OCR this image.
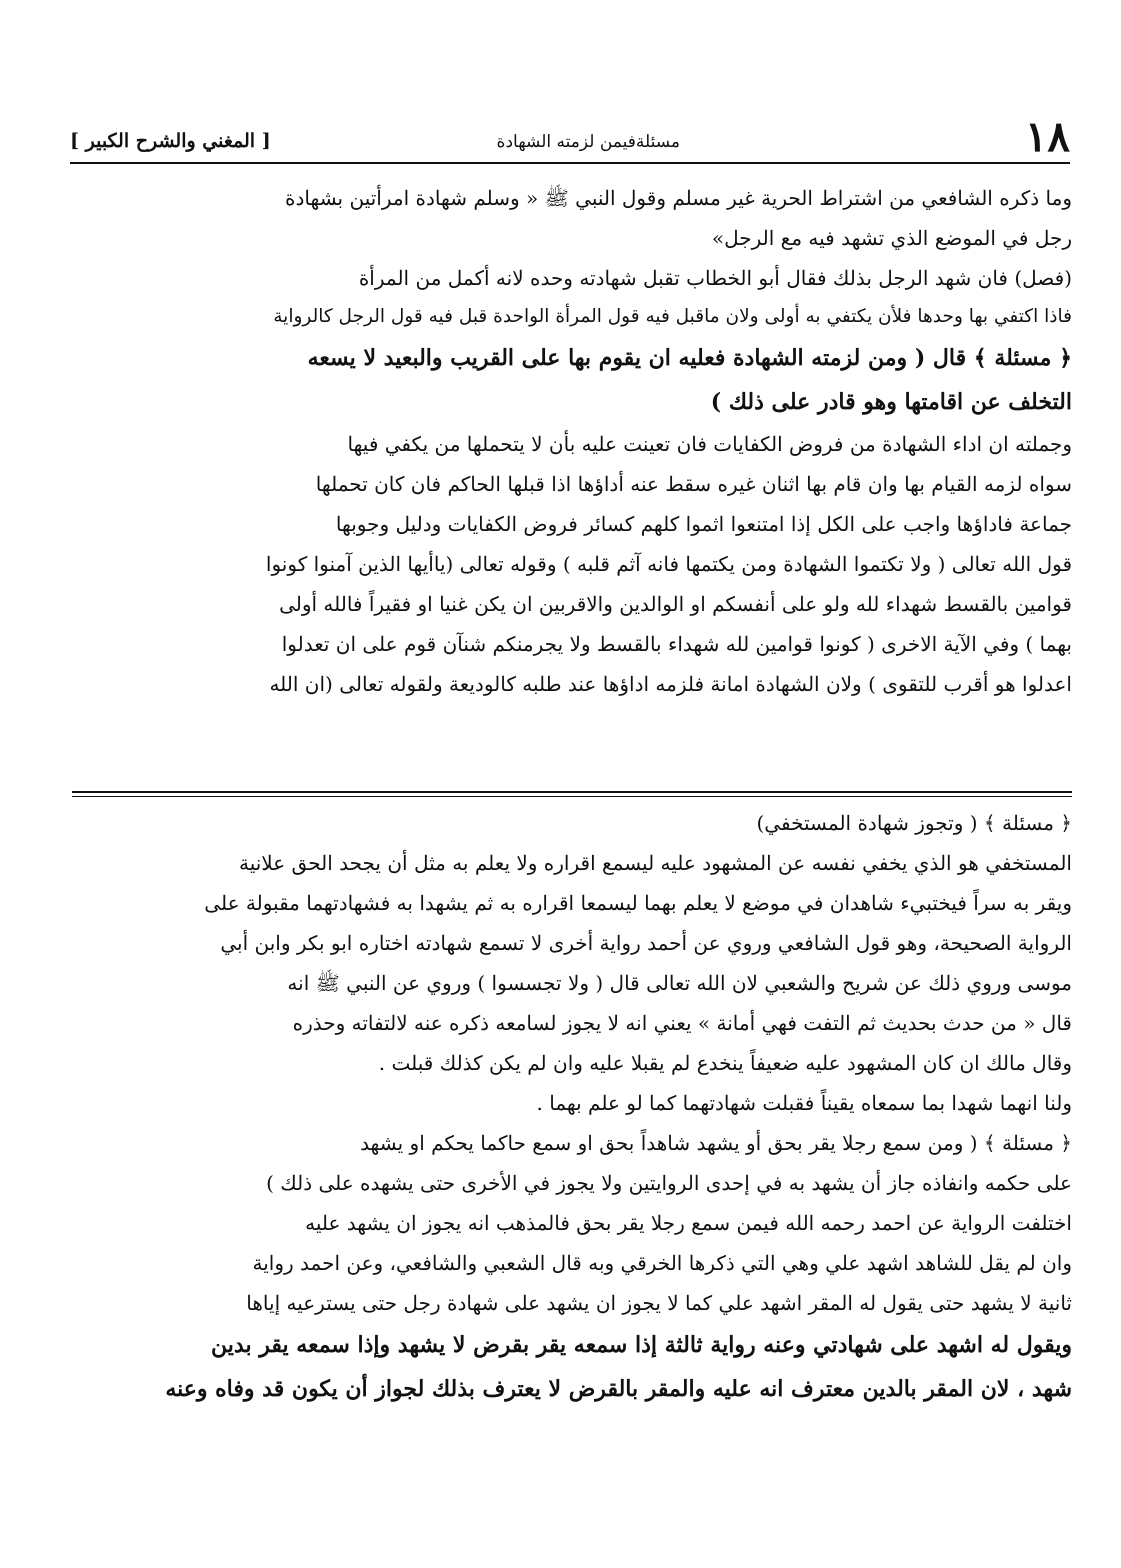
١٨
مسئلةفيمن لزمته الشهادة
[ المغني والشرح الكبير ]
وما ذكره الشافعي من اشتراط الحرية غير مسلم وقول النبي ﷺ « وسلم شهادة امرأتين بشهادة
رجل في الموضع الذي تشهد فيه مع الرجل»
(فصل) فان شهد الرجل بذلك فقال أبو الخطاب تقبل شهادته وحده لانه أكمل من المرأة
فاذا اكتفي بها وحدها فلأن يكتفي به أولى ولان ماقبل فيه قول المرأة الواحدة قبل فيه قول الرجل كالرواية
﴿ مسئلة ﴾ قال ( ومن لزمته الشهادة فعليه ان يقوم بها على القريب والبعيد لا يسعه
التخلف عن اقامتها وهو قادر على ذلك )
وجملته ان اداء الشهادة من فروض الكفايات فان تعينت عليه بأن لا يتحملها من يكفي فيها
سواه لزمه القيام بها وان قام بها اثنان غيره سقط عنه أداؤها اذا قبلها الحاكم فان كان تحملها
جماعة فاداؤها واجب على الكل إذا امتنعوا اثموا كلهم كسائر فروض الكفايات ودليل وجوبها
قول الله تعالى ( ولا تكتموا الشهادة ومن يكتمها فانه آثم قلبه ) وقوله تعالى (ياأيها الذين آمنوا كونوا
قوامين بالقسط شهداء لله ولو على أنفسكم او الوالدين والاقربين ان يكن غنيا او فقيراً فالله أولى
بهما ) وفي الآية الاخرى ( كونوا قوامين لله شهداء بالقسط ولا يجرمنكم شنآن قوم على ان تعدلوا
اعدلوا هو أقرب للتقوى ) ولان الشهادة امانة فلزمه اداؤها عند طلبه كالوديعة ولقوله تعالى (ان الله
﴿ مسئلة ﴾ ( وتجوز شهادة المستخفي)
المستخفي هو الذي يخفي نفسه عن المشهود عليه ليسمع اقراره ولا يعلم به مثل أن يجحد الحق علانية
ويقر به سراً فيختبيء شاهدان في موضع لا يعلم بهما ليسمعا اقراره به ثم يشهدا به فشهادتهما مقبولة على
الرواية الصحيحة، وهو قول الشافعي وروي عن أحمد رواية أخرى لا تسمع شهادته اختاره ابو بكر وابن أبي
موسى وروي ذلك عن شريح والشعبي لان الله تعالى قال ( ولا تجسسوا ) وروي عن النبي ﷺ انه
قال « من حدث بحديث ثم التفت فهي أمانة » يعني انه لا يجوز لسامعه ذكره عنه لالتفاته وحذره
وقال مالك ان كان المشهود عليه ضعيفاً ينخدع لم يقبلا عليه وان لم يكن كذلك قبلت .
ولنا انهما شهدا بما سمعاه يقيناً فقبلت شهادتهما كما لو علم بهما .
﴿ مسئلة ﴾ ( ومن سمع رجلا يقر بحق أو يشهد شاهداً بحق او سمع حاكما يحكم او يشهد
على حكمه وانفاذه جاز أن يشهد به في إحدى الروايتين ولا يجوز في الأخرى حتى يشهده على ذلك )
اختلفت الرواية عن احمد رحمه الله فيمن سمع رجلا يقر بحق فالمذهب انه يجوز ان يشهد عليه
وان لم يقل للشاهد اشهد علي وهي التي ذكرها الخرقي وبه قال الشعبي والشافعي، وعن احمد رواية
ثانية لا يشهد حتى يقول له المقر اشهد علي كما لا يجوز ان يشهد على شهادة رجل حتى يسترعيه إياها
ويقول له اشهد على شهادتي وعنه رواية ثالثة إذا سمعه يقر بقرض لا يشهد وإذا سمعه يقر بدين
شهد ، لان المقر بالدين معترف انه عليه والمقر بالقرض لا يعترف بذلك لجواز أن يكون قد وفاه وعنه
